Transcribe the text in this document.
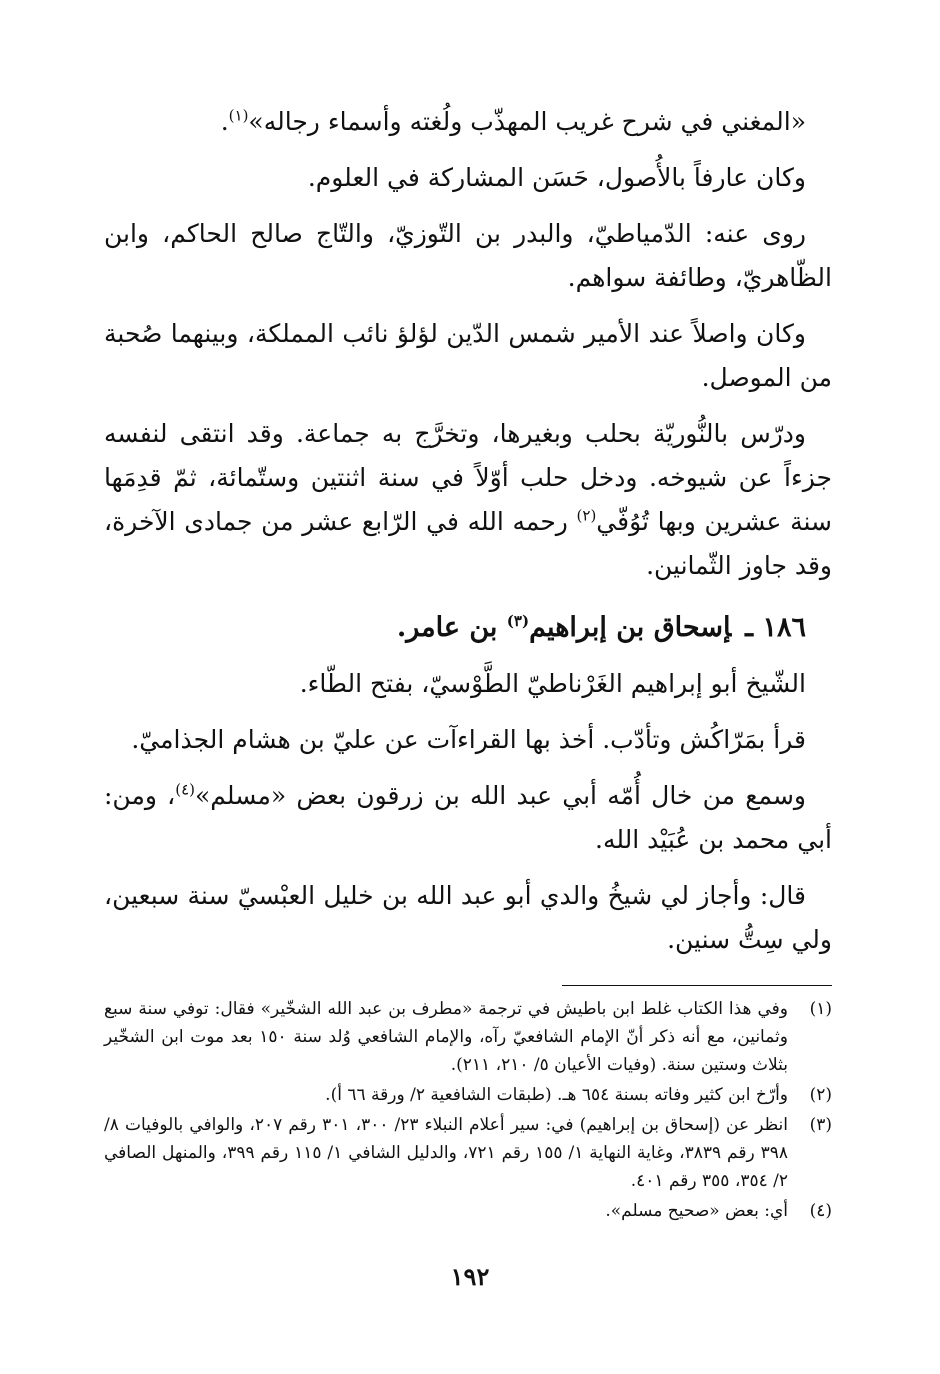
«المغني في شرح غريب المهذّب ولُغته وأسماء رجاله»$^{(١)}$.

وكان عارفاً بالأُصول، حَسَن المشاركة في العلوم.

روى عنه: الدّمياطيّ، والبدر بن التّوزيّ، والتّاج صالح الحاكم، وابن الظّاهريّ، وطائفة سواهم.

وكان واصلاً عند الأمير شمس الدّين لؤلؤ نائب المملكة، وبينهما صُحبة من الموصل.

ودرّس بالنُّوريّة بحلب وبغيرها، وتخرَّج به جماعة. وقد انتقى لنفسه جزءاً عن شيوخه. ودخل حلب أوّلاً في سنة اثنتين وستّمائة، ثمّ قدِمَها سنة عشرين وبها تُوُفّي$^{(٢)}$ رحمه الله في الرّابع عشر من جمادى الآخرة، وقد جاوز الثّمانين.

١٨٦ ـإسحاق بن إبراهيم$^{(٣)}$ بن عامر.

الشّيخ أبو إبراهيم الغَرْناطيّ الطَّوْسيّ، بفتح الطّاء.

قرأ بمَرّاكُش وتأدّب. أخذ بها القراءآت عن عليّ بن هشام الجذاميّ.

وسمع من خال أُمّه أبي عبد الله بن زرقون بعض «مسلم»$^{(٤)}$، ومن: أبي محمد بن عُبَيْد الله.

قال: وأجاز لي شيخُ والدي أبو عبد الله بن خليل العبْسيّ سنة سبعين، ولي سِتُّ سنين.

(١)
وفي هذا الكتاب غلط ابن باطيش في ترجمة «مطرف بن عبد الله الشخّير» فقال: توفي سنة سبع وثمانين، مع أنه ذكر أنّ الإمام الشافعيّ رآه، والإمام الشافعي وُلد سنة ١٥٠ بعد موت ابن الشخّير بثلاث وستين سنة. (وفيات الأعيان ٥/ ٢١٠، ٢١١).
(٢)
وأرّخ ابن كثير وفاته بسنة ٦٥٤ هـ. (طبقات الشافعية ٢/ ورقة ٦٦ أ).
(٣)
انظر عن (إسحاق بن إبراهيم) في: سير أعلام النبلاء ٢٣/ ٣٠٠، ٣٠١ رقم ٢٠٧، والوافي بالوفيات ٨/ ٣٩٨ رقم ٣٨٣٩، وغاية النهاية ١/ ١٥٥ رقم ٧٢١، والدليل الشافي ١/ ١١٥ رقم ٣٩٩، والمنهل الصافي ٢/ ٣٥٤، ٣٥٥ رقم ٤٠١.
(٤)
أي: بعض «صحيح مسلم».
١٩٢
